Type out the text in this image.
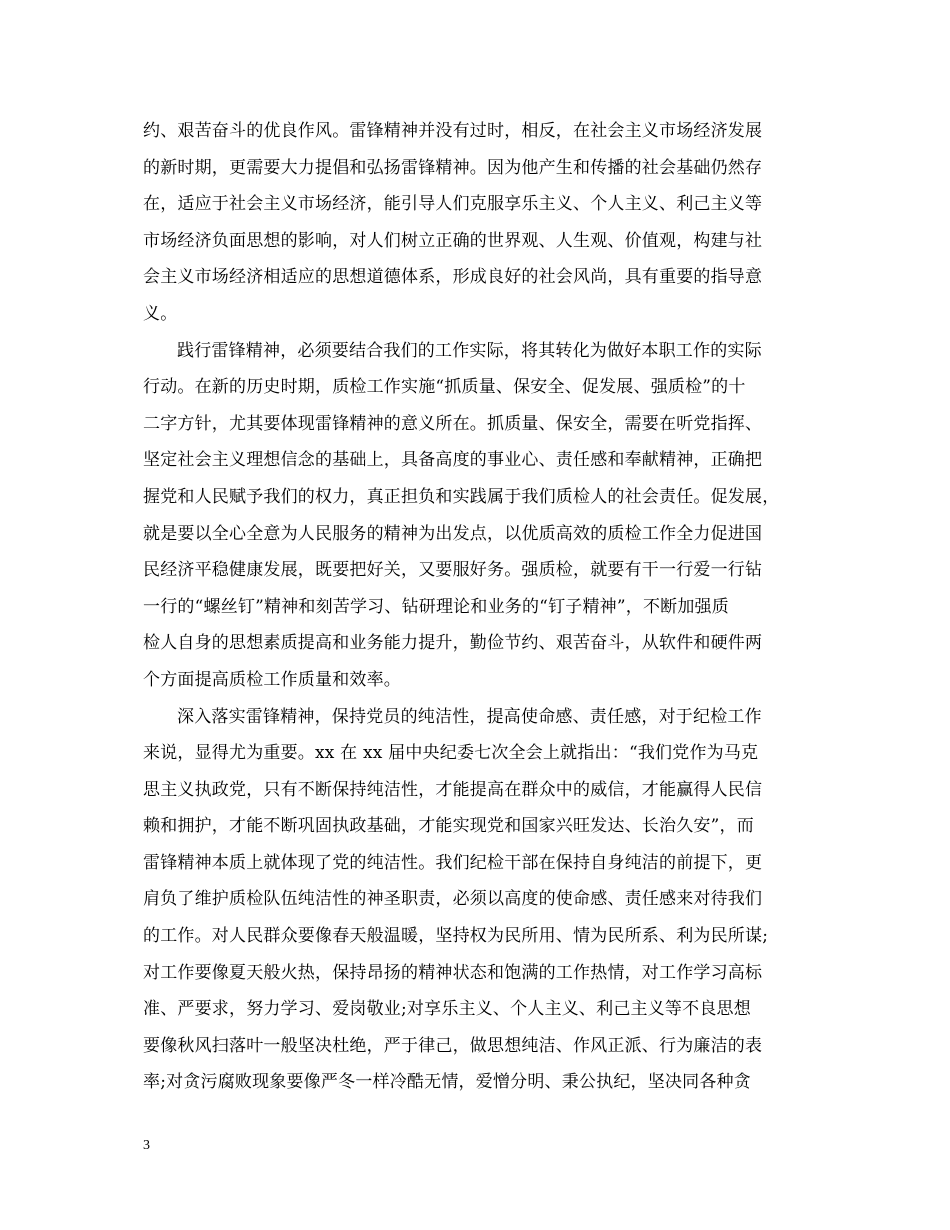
约、艰苦奋斗的优良作风。雷锋精神并没有过时，相反，在社会主义市场经济发展
的新时期，更需要大力提倡和弘扬雷锋精神。因为他产生和传播的社会基础仍然存
在，适应于社会主义市场经济，能引导人们克服享乐主义、个人主义、利己主义等
市场经济负面思想的影响，对人们树立正确的世界观、人生观、价值观，构建与社
会主义市场经济相适应的思想道德体系，形成良好的社会风尚，具有重要的指导意
义。
践行雷锋精神，必须要结合我们的工作实际，将其转化为做好本职工作的实际
行动。在新的历史时期，质检工作实施“抓质量、保安全、促发展、强质检”的十
二字方针，尤其要体现雷锋精神的意义所在。抓质量、保安全，需要在听党指挥、
坚定社会主义理想信念的基础上，具备高度的事业心、责任感和奉献精神，正确把
握党和人民赋予我们的权力，真正担负和实践属于我们质检人的社会责任。促发展，
就是要以全心全意为人民服务的精神为出发点，以优质高效的质检工作全力促进国
民经济平稳健康发展，既要把好关，又要服好务。强质检，就要有干一行爱一行钻
一行的“螺丝钉”精神和刻苦学习、钻研理论和业务的“钉子精神”，不断加强质
检人自身的思想素质提高和业务能力提升，勤俭节约、艰苦奋斗，从软件和硬件两
个方面提高质检工作质量和效率。
深入落实雷锋精神，保持党员的纯洁性，提高使命感、责任感，对于纪检工作
来说，显得尤为重要。xx 在 xx 届中央纪委七次全会上就指出：“我们党作为马克
思主义执政党，只有不断保持纯洁性，才能提高在群众中的威信，才能赢得人民信
赖和拥护，才能不断巩固执政基础，才能实现党和国家兴旺发达、长治久安”，而
雷锋精神本质上就体现了党的纯洁性。我们纪检干部在保持自身纯洁的前提下，更
肩负了维护质检队伍纯洁性的神圣职责，必须以高度的使命感、责任感来对待我们
的工作。对人民群众要像春天般温暖，坚持权为民所用、情为民所系、利为民所谋;
对工作要像夏天般火热，保持昂扬的精神状态和饱满的工作热情，对工作学习高标
准、严要求，努力学习、爱岗敬业;对享乐主义、个人主义、利己主义等不良思想
要像秋风扫落叶一般坚决杜绝，严于律己，做思想纯洁、作风正派、行为廉洁的表
率;对贪污腐败现象要像严冬一样冷酷无情，爱憎分明、秉公执纪，坚决同各种贪
3
